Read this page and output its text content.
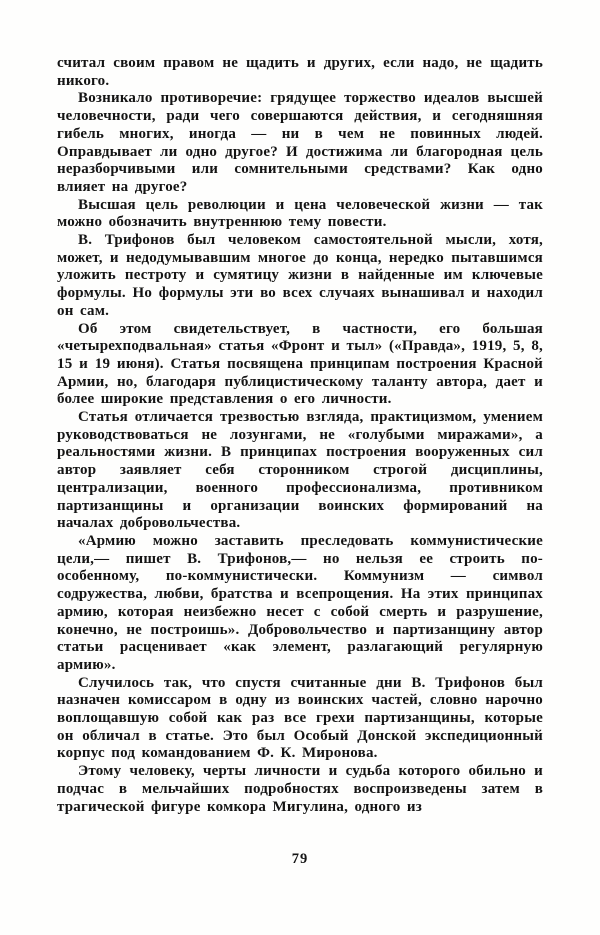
считал своим правом не щадить и других, если надо, не щадить никого.

Возникало противоречие: грядущее торжество идеалов высшей человечности, ради чего совершаются действия, и сегодняшняя гибель многих, иногда — ни в чем не повинных людей. Оправдывает ли одно другое? И достижима ли благородная цель неразборчивыми или сомнительными средствами? Как одно влияет на другое?

Высшая цель революции и цена человеческой жизни — так можно обозначить внутреннюю тему повести.

В. Трифонов был человеком самостоятельной мысли, хотя, может, и недодумывавшим многое до конца, нередко пытавшимся уложить пестроту и сумятицу жизни в найденные им ключевые формулы. Но формулы эти во всех случаях вынашивал и находил он сам.

Об этом свидетельствует, в частности, его большая «четырехподвальная» статья «Фронт и тыл» («Правда», 1919, 5, 8, 15 и 19 июня). Статья посвящена принципам построения Красной Армии, но, благодаря публицистическому таланту автора, дает и более широкие представления о его личности.

Статья отличается трезвостью взгляда, практицизмом, умением руководствоваться не лозунгами, не «голубыми миражами», а реальностями жизни. В принципах построения вооруженных сил автор заявляет себя сторонником строгой дисциплины, централизации, военного профессионализма, противником партизанщины и организации воинских формирований на началах добровольчества.

«Армию можно заставить преследовать коммунистические цели,— пишет В. Трифонов,— но нельзя ее строить по-особенному, по-коммунистически. Коммунизм — символ содружества, любви, братства и всепрощения. На этих принципах армию, которая неизбежно несет с собой смерть и разрушение, конечно, не построишь». Добровольчество и партизанщину автор статьи расценивает «как элемент, разлагающий регулярную армию».

Случилось так, что спустя считанные дни В. Трифонов был назначен комиссаром в одну из воинских частей, словно нарочно воплощавшую собой как раз все грехи партизанщины, которые он обличал в статье. Это был Особый Донской экспедиционный корпус под командованием Ф. К. Миронова.

Этому человеку, черты личности и судьба которого обильно и подчас в мельчайших подробностях воспроизведены затем в трагической фигуре комкора Мигулина, одного из

79
